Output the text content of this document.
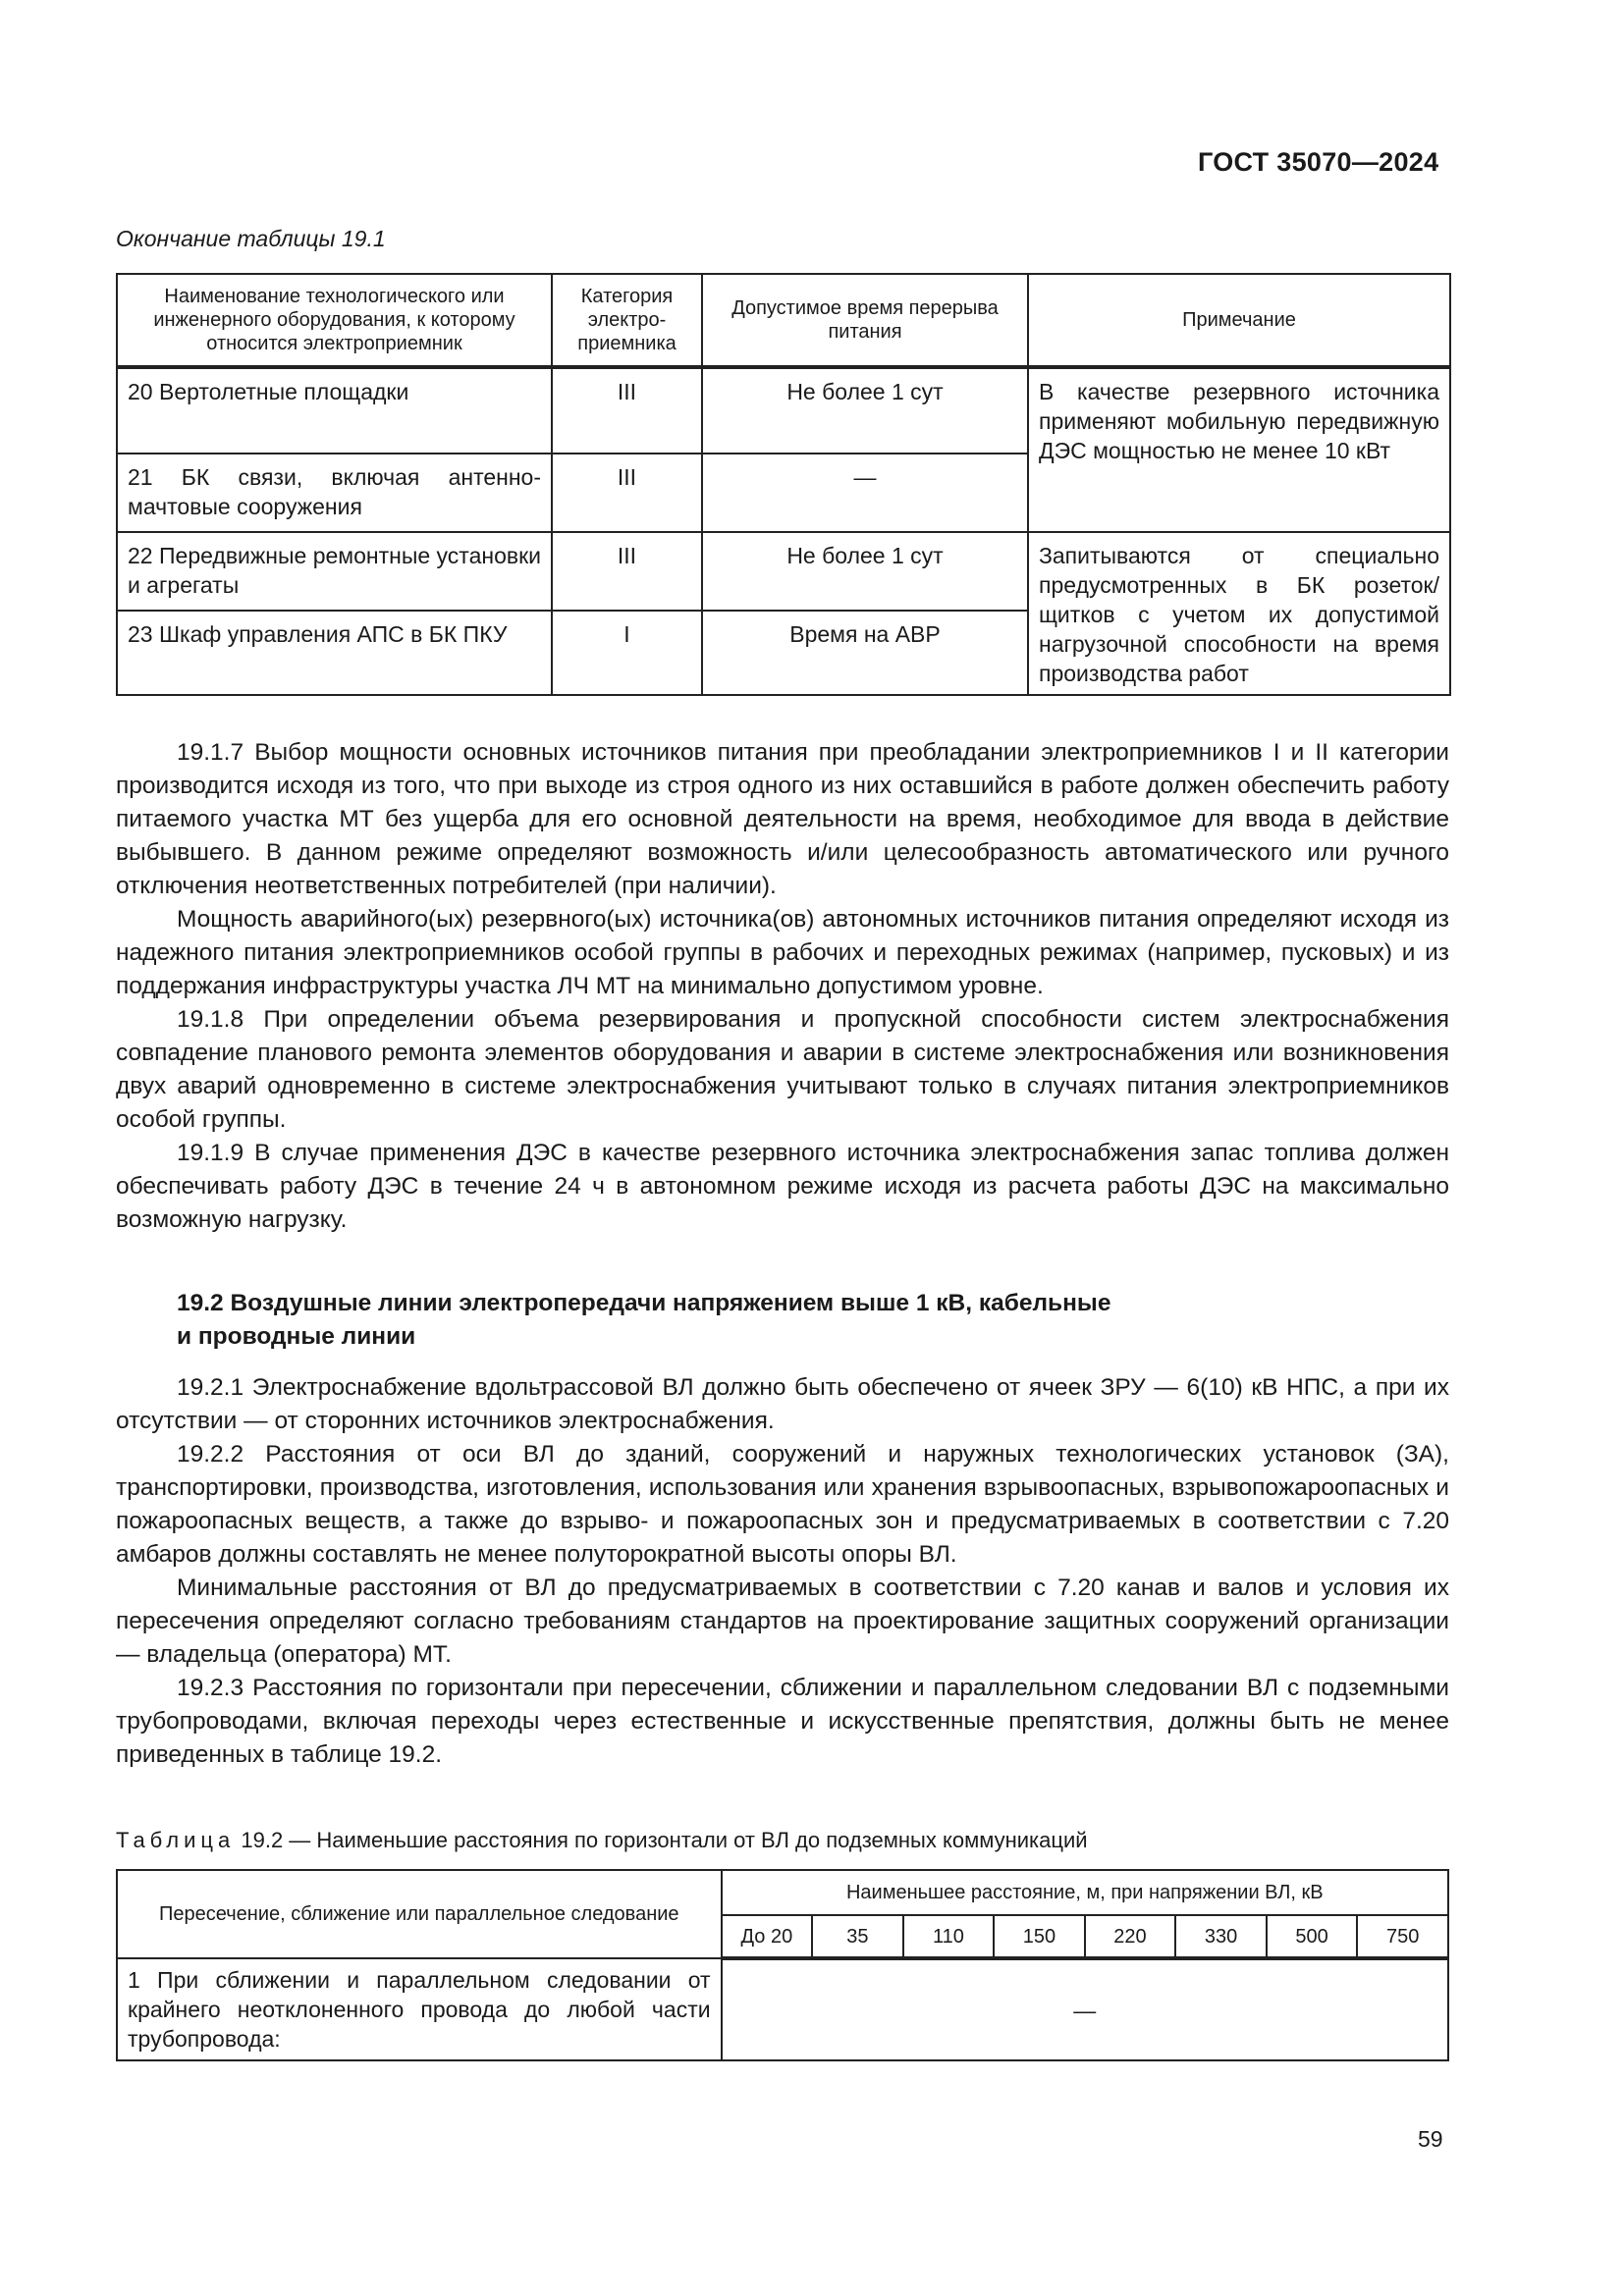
ГОСТ 35070—2024
Окончание таблицы 19.1
Наименование технологического или инженерного оборудования, к которому относится электроприемник	Категория электро-приемника	Допустимое время перерыва питания	Примечание
20 Вертолетные площадки	III	Не более 1 сут	В качестве резервного источника применяют мобильную передвижную ДЭС мощностью не менее 10 кВт
21 БК связи, включая антенно-мачтовые сооружения	III	—	
22 Передвижные ремонтные установки и агрегаты	III	Не более 1 сут	Запитываются от специально предусмотренных в БК розеток/щитков с учетом их допустимой нагрузочной способности на время производства работ
23 Шкаф управления АПС в БК ПКУ	I	Время на АВР	

19.1.7 Выбор мощности основных источников питания при преобладании электроприемников I и II категории производится исходя из того, что при выходе из строя одного из них оставшийся в работе должен обеспечить работу питаемого участка МТ без ущерба для его основной деятельности на время, необходимое для ввода в действие выбывшего. В данном режиме определяют возможность и/или целесообразность автоматического или ручного отключения неответственных потребителей (при наличии).

Мощность аварийного(ых) резервного(ых) источника(ов) автономных источников питания определяют исходя из надежного питания электроприемников особой группы в рабочих и переходных режимах (например, пусковых) и из поддержания инфраструктуры участка ЛЧ МТ на минимально допустимом уровне.

19.1.8 При определении объема резервирования и пропускной способности систем электроснабжения совпадение планового ремонта элементов оборудования и аварии в системе электроснабжения или возникновения двух аварий одновременно в системе электроснабжения учитывают только в случаях питания электроприемников особой группы.

19.1.9 В случае применения ДЭС в качестве резервного источника электроснабжения запас топлива должен обеспечивать работу ДЭС в течение 24 ч в автономном режиме исходя из расчета работы ДЭС на максимально возможную нагрузку.

19.2 Воздушные линии электропередачи напряжением выше 1 кВ, кабельные
и проводные линии

19.2.1 Электроснабжение вдольтрассовой ВЛ должно быть обеспечено от ячеек ЗРУ — 6(10) кВ НПС, а при их отсутствии — от сторонних источников электроснабжения.

19.2.2 Расстояния от оси ВЛ до зданий, сооружений и наружных технологических установок (ЗА), транспортировки, производства, изготовления, использования или хранения взрывоопасных, взрывопожароопасных и пожароопасных веществ, а также до взрыво- и пожароопасных зон и предусматриваемых в соответствии с 7.20 амбаров должны составлять не менее полуторократной высоты опоры ВЛ.

Минимальные расстояния от ВЛ до предусматриваемых в соответствии с 7.20 канав и валов и условия их пересечения определяют согласно требованиям стандартов на проектирование защитных сооружений организации — владельца (оператора) МТ.

19.2.3 Расстояния по горизонтали при пересечении, сближении и параллельном следовании ВЛ с подземными трубопроводами, включая переходы через естественные и искусственные препятствия, должны быть не менее приведенных в таблице 19.2.

Таблица 19.2 — Наименьшие расстояния по горизонтали от ВЛ до подземных коммуникаций
Пересечение, сближение или параллельное следование	Наименьшее расстояние, м, при напряжении ВЛ, кВ							
	До 20	35	110	150	220	330	500	750
1 При сближении и параллельном следовании от крайнего неотклоненного провода до любой части трубопровода:	—							
59
